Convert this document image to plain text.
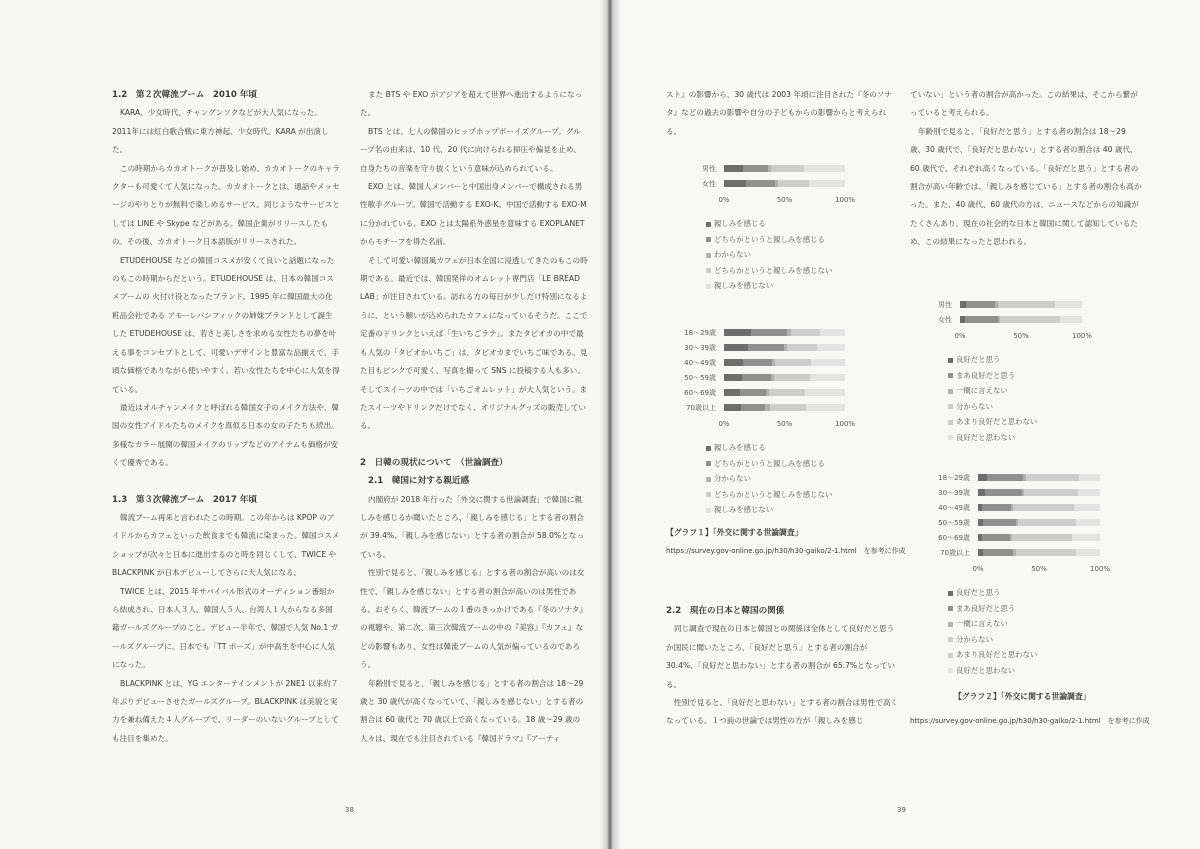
1.2　第２次韓流ブーム　2010 年頃

KARA、少女時代、チャングンソクなどが大人気になった。2011年には紅白歌合戦に東方神起、少女時代、KARA が出演した。

この時期からカカオトークが普及し始め、カカオトークのキャラクターも可愛くて人気になった。カカオトークとは、通話やメッセージのやりとりが無料で楽しめるサービス。同じようなサービスとしては LINE や Skype などがある。韓国企業がリリースしたもの。その後、カカオトーク日本語版がリリースされた。

ETUDEHOUSE などの韓国コスメが安くて良いと話題になったのもこの時期からだという。ETUDEHOUSE は、日本の韓国コスメブームの 火付け役となったブランド。1995 年に韓国最大の化粧品会社である アモーレパシフィックの姉妹ブランドとして誕生した ETUDEHOUSE は、若さと美しさを求める女性たちの夢を叶える事をコンセプトとして、可愛いデザインと豊富な品揃えで、手頃な価格でありながら使いやすく、若い女性たちを中心に人気を得ている。

最近はオルチャンメイクと呼ばれる韓国女子のメイク方法や、韓国の女性アイドルたちのメイクを真似る日本の女の子たちも続出。多様なカラー展開の韓国メイクのリップなどのアイテムも価格が安くて優秀である。

1.3　第３次韓流ブーム　2017 年頃

韓流ブーム再来と言われたこの時期。この年からは KPOP のアイドルからカフェといった飲食までも韓流に染まった。韓国コスメショップが次々と日本に進出するのと時を同じくして、TWICE や BLACKPINK が日本デビューしてさらに大人気になる。

TWICE とは、2015 年サバイバル形式のオーディション番組から結成され、日本人３人、韓国人５人、台湾人１人からなる多国籍ガールズグループのこと。デビュー半年で、韓国で人気 No.1 ガールズグループに。日本でも「TT ポーズ」が中高生を中心に人気になった。

BLACKPINK とは、YG エンターテインメントが 2NE1 以来約７年ぶりデビューさせたガールズグループ。BLACKPINK は美貌と実力を兼ね備えた４人グループで、リーダーのいないグループとしても注目を集めた。

また BTS や EXO がアジアを超えて世界へ進出するようになった。

BTS とは、七人の韓国のヒップホップボーイズグループ。グループ名の由来は、10 代、20 代に向けられる抑圧や偏見を止め、自身たちの音楽を守り抜くという意味が込められている。

EXO とは、韓国人メンバーと中国出身メンバーで構成される男性歌手グループ。韓国で活動する EXO-K、中国で活動する EXO-M に分かれている。EXO とは太陽系外惑星を意味する EXOPLANET からモチーフを得た名前。

そして可愛い韓国風カフェが日本全国に浸透してきたのもこの時期である。最近では、韓国発祥のオムレット専門店「LE BREAD LAB」が注目されている。訪れる方の毎日が少しだけ特別になるように、という願いが込められたカフェになっているそうだ。ここで定番のドリンクといえば「生いちごラテ」。またタピオカの中で最も人気の「タピオかいちご」は、タピオカまでいちご味である。見た目もピンクで可愛く、写真を撮って SNS に投稿する人も多い。そしてスイーツの中では「いちごオムレット」が大人気という。またスイーツやドリンクだけでなく、オリジナルグッズの販売している。

2　日韓の現状について　（世論調査）
2.1　韓国に対する親近感

内閣府が 2018 年行った「外交に関する世論調査」で韓国に親しみを感じるか聞いたところ、「親しみを感じる」とする者の割合が 39.4%、「親しみを感じない」とする者の割合が 58.0%となっている。

性別で見ると、「親しみを感じる」とする者の割合が高いのは女性で、「親しみを感じない」とする者の割合が高いのは男性である。おそらく、韓流ブームの１番のきっかけである『冬のソナタ』の視聴や、第二次、第三次韓流ブームの中の『美容』『カフェ』などの影響もあり、女性は韓流ブームの人気が偏っているのであろう。

年齢別で見ると、「親しみを感じる」とする者の割合は 18～29 歳と 30 歳代が高くなっていて、「親しみを感じない」とする者の割合は 60 歳代と 70 歳以上で高くなっている。18 歳～29 歳の人々は、現在でも注目されている『韓国ドラマ』『アーティ

38

スト』の影響から、30 歳代は 2003 年頃に注目された『冬のソナタ』などの過去の影響や自分の子どもからの影響からと考えられる。

男性
女性
0%	50%	100%
親しみを感じる
どちらかというと親しみを感じる
わからない
どちらかというと親しみを感じない
親しみを感じない
18～29歳
30～39歳
40～49歳
50～59歳
60～69歳
70歳以上
0%	50%	100%
親しみを感じる
どちらかというと親しみを感じる
分からない
どちらかというと親しみを感じない
親しみを感じない
【グラフ１】「外交に関する世論調査」
https://survey.gov-online.go.jp/h30/h30-gaiko/2-1.html　を参考に作成
2.2　現在の日本と韓国の関係

同じ調査で現在の日本と韓国との関係は全体として良好だと思うか国民に聞いたところ、「良好だと思う」とする者の割合が 30.4%、「良好だと思わない」とする者の割合が 65.7%となっている。

性別で見ると、「良好だと思わない」とする者の割合は男性で高くなっている。１つ前の世論では男性の方が「親しみを感じ

ていない」という者の割合が高かった。この結果は、そこから繋がっていると考えられる。

年齢別で見ると、「良好だと思う」とする者の割合は 18～29 歳、30 歳代で、「良好だと思わない」とする者の割合は 40 歳代、60 歳代で、それぞれ高くなっている。「良好だと思う」とする者の割合が高い年齢では、「親しみを感じている」とする者の割合も高かった。また、40 歳代、60 歳代の方は、ニュースなどからの知識がたくさんあり、現在の社会的な日本と韓国に関して認知しているため、この結果になったと思われる。

男性
女性
0%	50%	100%
良好だと思う
まあ良好だと思う
一概に言えない
分からない
あまり良好だと思わない
良好だと思わない
18～29歳
30～39歳
40～49歳
50～59歳
60～69歳
70歳以上
0%	50%	100%
良好だと思う
まあ良好だと思う
一概に言えない
分からない
あまり良好だと思わない
良好だと思わない
【グラフ２】「外交に関する世論調査」
https://survey.gov-online.go.jp/h30/h30-gaiko/2-1.html　を参考に作成
39
